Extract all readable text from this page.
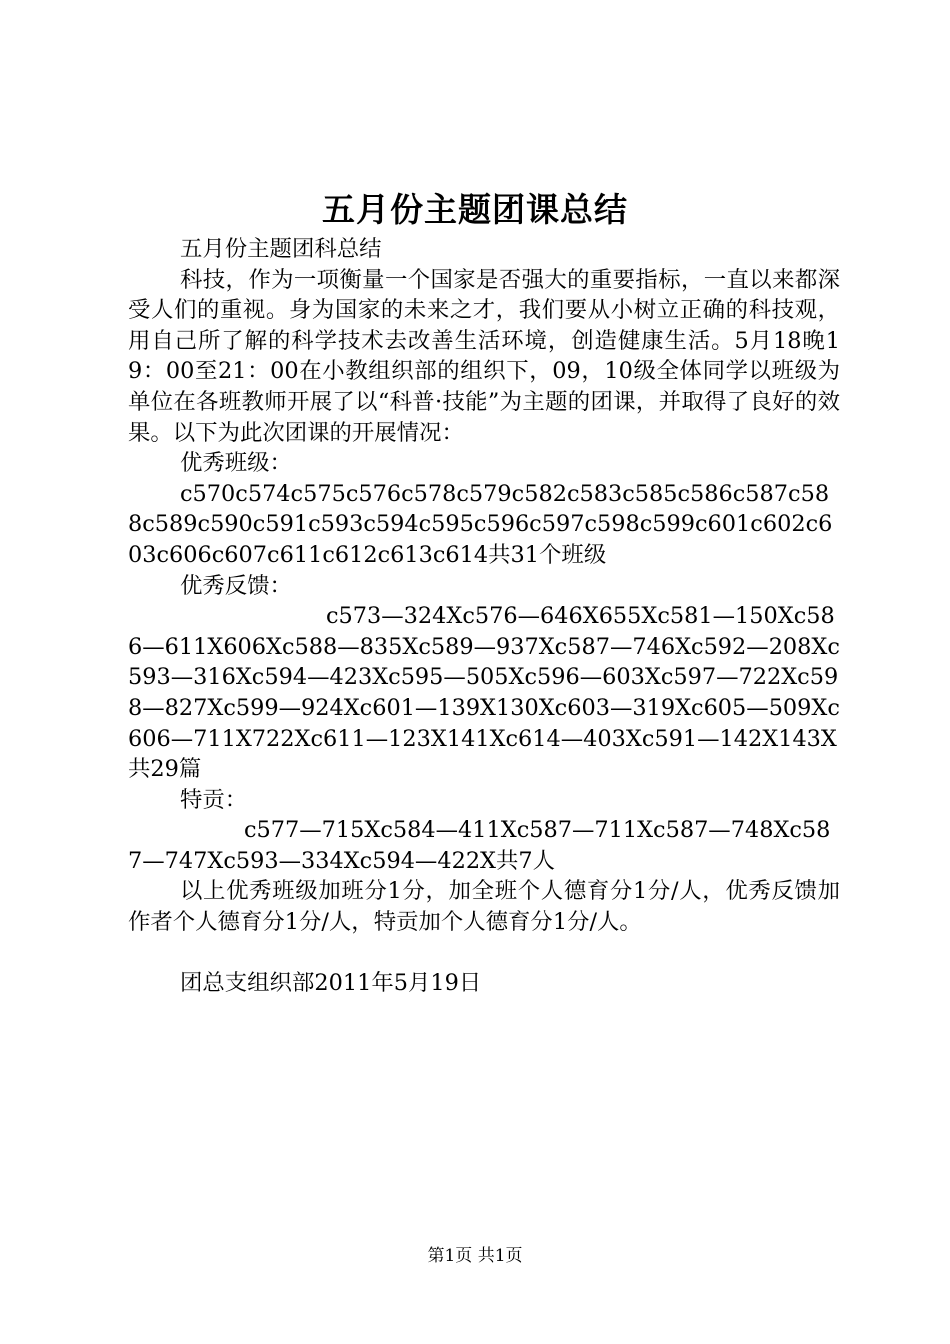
五月份主题团课总结

五月份主题团科总结

科技，作为一项衡量一个国家是否强大的重要指标，一直以来都深受人们的重视。身为国家的未来之才，我们要从小树立正确的科技观，用自己所了解的科学技术去改善生活环境，创造健康生活。5月18晚19：00至21：00在小教组织部的组织下，09，10级全体同学以班级为单位在各班教师开展了以“科普·技能”为主题的团课，并取得了良好的效果。以下为此次团课的开展情况：

优秀班级：

c570c574c575c576c578c579c582c583c585c586c587c588c589c590c591c593c594c595c596c597c598c599c601c602c603c606c607c611c612c613c614共31个班级

优秀反馈：

c573—324Xc576—646X655Xc581—150Xc586—611X606Xc588—835Xc589—937Xc587—746Xc592—208Xc593—316Xc594—423Xc595—505Xc596—603Xc597—722Xc598—827Xc599—924Xc601—139X130Xc603—319Xc605—509Xc606—711X722Xc611—123X141Xc614—403Xc591—142X143X共29篇

特贡：

c577—715Xc584—411Xc587—711Xc587—748Xc587—747Xc593—334Xc594—422X共7人

以上优秀班级加班分1分，加全班个人德育分1分/人，优秀反馈加作者个人德育分1分/人，特贡加个人德育分1分/人。

团总支组织部2011年5月19日

第1页 共1页
